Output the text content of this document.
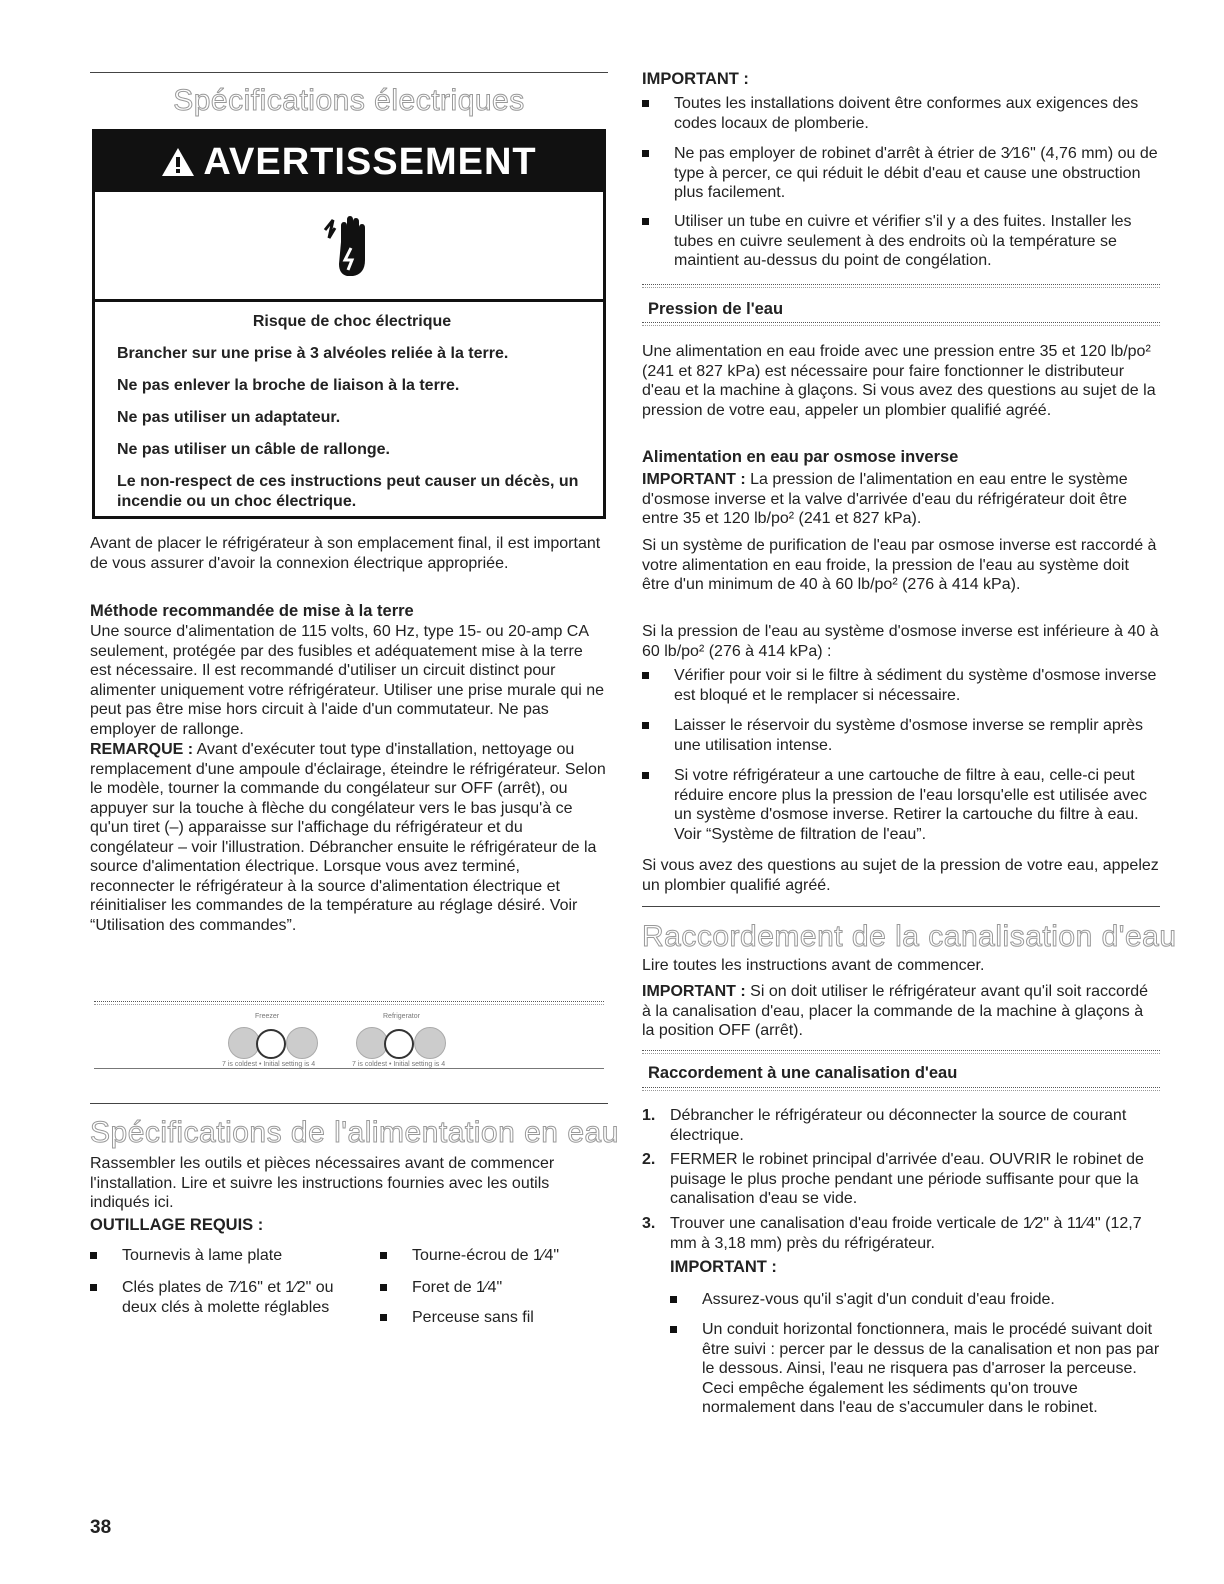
Spécifications électriques
AVERTISSEMENT

Risque de choc électrique

Brancher sur une prise à 3 alvéoles reliée à la terre.

Ne pas enlever la broche de liaison à la terre.

Ne pas utiliser un adaptateur.

Ne pas utiliser un câble de rallonge.

Le non-respect de ces instructions peut causer un décès, un incendie ou un choc électrique.

Avant de placer le réfrigérateur à son emplacement final, il est important de vous assurer d'avoir la connexion électrique appropriée.

Méthode recommandée de mise à la terre

Une source d'alimentation de 115 volts, 60 Hz, type 15- ou 20-amp CA seulement, protégée par des fusibles et adéquatement mise à la terre est nécessaire. Il est recommandé d'utiliser un circuit distinct pour alimenter uniquement votre réfrigérateur. Utiliser une prise murale qui ne peut pas être mise hors circuit à l'aide d'un commutateur. Ne pas employer de rallonge.

REMARQUE : Avant d'exécuter tout type d'installation, nettoyage ou remplacement d'une ampoule d'éclairage, éteindre le réfrigérateur. Selon le modèle, tourner la commande du congélateur sur OFF (arrêt), ou appuyer sur la touche à flèche du congélateur vers le bas jusqu'à ce qu'un tiret (–) apparaisse sur l'affichage du réfrigérateur et du congélateur – voir l'illustration. Débrancher ensuite le réfrigérateur de la source d'alimentation électrique. Lorsque vous avez terminé, reconnecter le réfrigérateur à la source d'alimentation électrique et réinitialiser les commandes de la température au réglage désiré. Voir “Utilisation des commandes”.

Freezer	Refrigerator
7 is coldest • Initial setting is 4	7 is coldest • Initial setting is 4
Spécifications de l'alimentation en eau

Rassembler les outils et pièces nécessaires avant de commencer l'installation. Lire et suivre les instructions fournies avec les outils indiqués ici.

OUTILLAGE REQUIS :

Tournevis à lame plate
Clés plates de 7⁄16" et 1⁄2" ou deux clés à molette réglables
Tourne-écrou de 1⁄4"
Foret de 1⁄4"
Perceuse sans fil

IMPORTANT :

Toutes les installations doivent être conformes aux exigences des codes locaux de plomberie.
Ne pas employer de robinet d'arrêt à étrier de 3⁄16" (4,76 mm) ou de type à percer, ce qui réduit le débit d'eau et cause une obstruction plus facilement.
Utiliser un tube en cuivre et vérifier s'il y a des fuites. Installer les tubes en cuivre seulement à des endroits où la température se maintient au-dessus du point de congélation.

Pression de l'eau

Une alimentation en eau froide avec une pression entre 35 et 120 lb/po² (241 et 827 kPa) est nécessaire pour faire fonctionner le distributeur d'eau et la machine à glaçons. Si vous avez des questions au sujet de la pression de votre eau, appeler un plombier qualifié agréé.

Alimentation en eau par osmose inverse

IMPORTANT : La pression de l'alimentation en eau entre le système d'osmose inverse et la valve d'arrivée d'eau du réfrigérateur doit être entre 35 et 120 lb/po² (241 et 827 kPa).

Si un système de purification de l'eau par osmose inverse est raccordé à votre alimentation en eau froide, la pression de l'eau au système doit être d'un minimum de 40 à 60 lb/po² (276 à 414 kPa).

Si la pression de l'eau au système d'osmose inverse est inférieure à 40 à 60 lb/po² (276 à 414 kPa) :

Vérifier pour voir si le filtre à sédiment du système d'osmose inverse est bloqué et le remplacer si nécessaire.
Laisser le réservoir du système d'osmose inverse se remplir après une utilisation intense.
Si votre réfrigérateur a une cartouche de filtre à eau, celle-ci peut réduire encore plus la pression de l'eau lorsqu'elle est utilisée avec un système d'osmose inverse. Retirer la cartouche du filtre à eau. Voir “Système de filtration de l'eau”.

Si vous avez des questions au sujet de la pression de votre eau, appelez un plombier qualifié agréé.

Raccordement de la canalisation d'eau

Lire toutes les instructions avant de commencer.

IMPORTANT : Si on doit utiliser le réfrigérateur avant qu'il soit raccordé à la canalisation d'eau, placer la commande de la machine à glaçons à la position OFF (arrêt).

Raccordement à une canalisation d'eau

1. Débrancher le réfrigérateur ou déconnecter la source de courant électrique.
2. FERMER le robinet principal d'arrivée d'eau. OUVRIR le robinet de puisage le plus proche pendant une période suffisante pour que la canalisation d'eau se vide.
3. Trouver une canalisation d'eau froide verticale de 1⁄2" à 11⁄4" (12,7 mm à 3,18 mm) près du réfrigérateur.

IMPORTANT :

Assurez-vous qu'il s'agit d'un conduit d'eau froide.
Un conduit horizontal fonctionnera, mais le procédé suivant doit être suivi : percer par le dessus de la canalisation et non pas par le dessous. Ainsi, l'eau ne risquera pas d'arroser la perceuse. Ceci empêche également les sédiments qu'on trouve normalement dans l'eau de s'accumuler dans le robinet.
38
